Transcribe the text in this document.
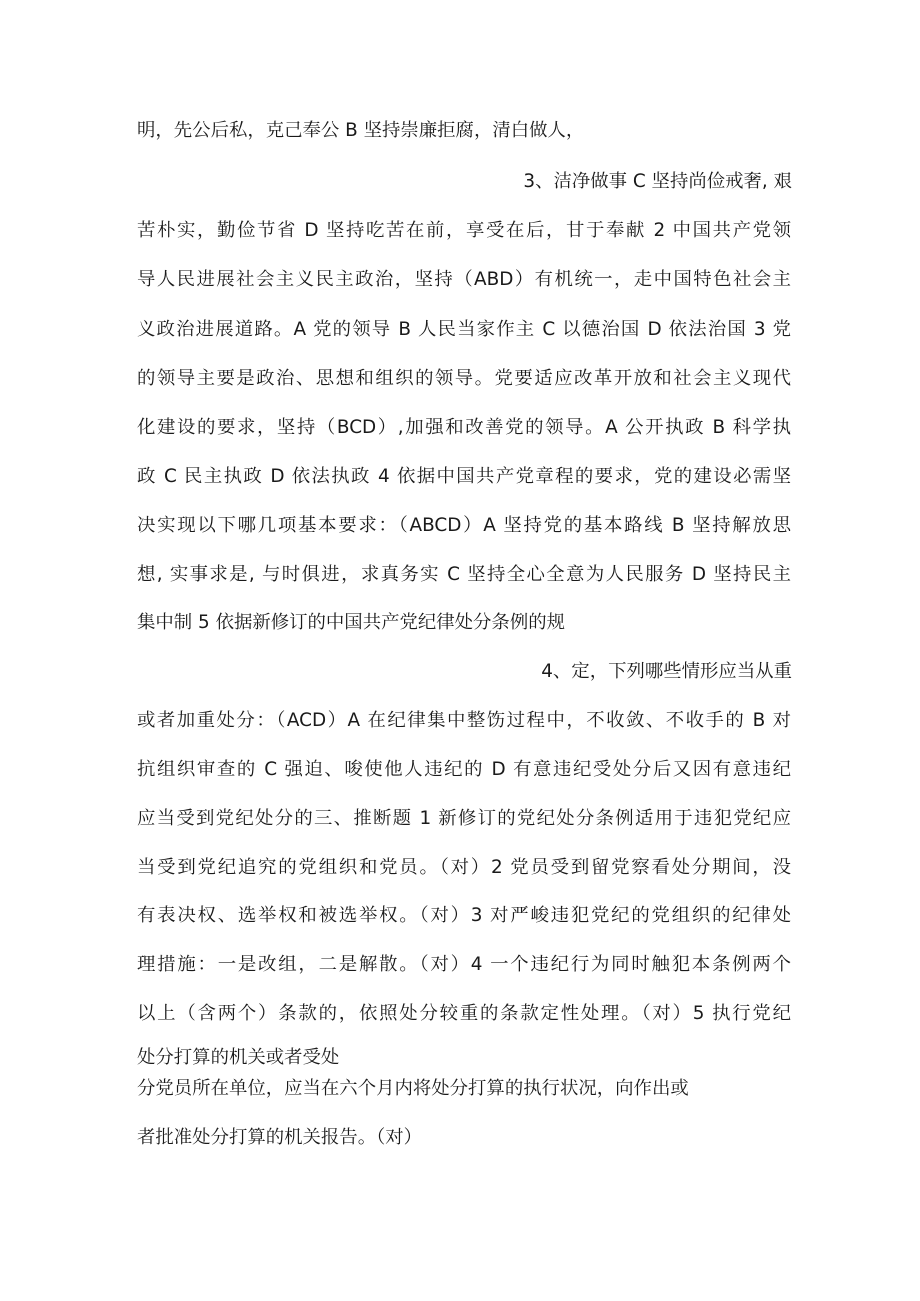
明，先公后私，克己奉公 B 坚持崇廉拒腐，清白做人，
3、洁净做事 C 坚持尚俭戒奢, 艰
苦朴实，勤俭节省 D 坚持吃苦在前，享受在后，甘于奉献 2 中国共产党领
导人民进展社会主义民主政治，坚持（ABD）有机统一，走中国特色社会主
义政治进展道路。A 党的领导 B 人民当家作主 C 以德治国 D 依法治国 3 党
的领导主要是政治、思想和组织的领导。党要适应改革开放和社会主义现代
化建设的要求，坚持（BCD）,加强和改善党的领导。A 公开执政 B 科学执
政 C 民主执政 D 依法执政 4 依据中国共产党章程的要求，党的建设必需坚
决实现以下哪几项基本要求：（ABCD）A 坚持党的基本路线 B 坚持解放思
想, 实事求是, 与时俱进，求真务实 C 坚持全心全意为人民服务 D 坚持民主
集中制 5 依据新修订的中国共产党纪律处分条例的规
4、定，下列哪些情形应当从重
或者加重处分：（ACD）A 在纪律集中整饬过程中，不收敛、不收手的 B 对
抗组织审查的 C 强迫、唆使他人违纪的 D 有意违纪受处分后又因有意违纪
应当受到党纪处分的三、推断题 1 新修订的党纪处分条例适用于违犯党纪应
当受到党纪追究的党组织和党员。（对）2 党员受到留党察看处分期间，没
有表决权、选举权和被选举权。（对）3 对严峻违犯党纪的党组织的纪律处
理措施：一是改组，二是解散。（对）4 一个违纪行为同时触犯本条例两个
以上（含两个）条款的，依照处分较重的条款定性处理。（对）5 执行党纪
处分打算的机关或者受处
分党员所在单位，应当在六个月内将处分打算的执行状况，向作出或
者批准处分打算的机关报告。（对）
